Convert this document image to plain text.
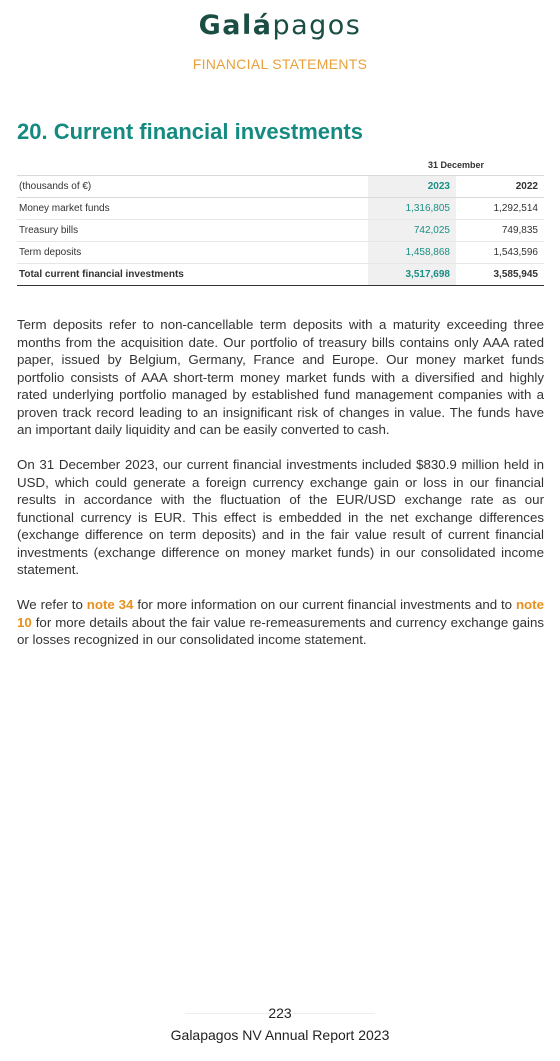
Galápagos
FINANCIAL STATEMENTS
20. Current financial investments
	31 December	
(thousands of €)	2023	2022
Money market funds	1,316,805	1,292,514
Treasury bills	742,025	749,835
Term deposits	1,458,868	1,543,596
Total current financial investments	3,517,698	3,585,945

Term deposits refer to non-cancellable term deposits with a maturity exceeding three months from the acquisition date. Our portfolio of treasury bills contains only AAA rated paper, issued by Belgium, Germany, France and Europe. Our money market funds portfolio consists of AAA short-term money market funds with a diversified and highly rated underlying portfolio managed by established fund management companies with a proven track record leading to an insignificant risk of changes in value. The funds have an important daily liquidity and can be easily converted to cash.

On 31 December 2023, our current financial investments included $830.9 million held in USD, which could generate a foreign currency exchange gain or loss in our financial results in accordance with the fluctuation of the EUR/USD exchange rate as our functional currency is EUR. This effect is embedded in the net exchange differences (exchange difference on term deposits) and in the fair value result of current financial investments (exchange difference on money market funds) in our consolidated income statement.

We refer to note 34 for more information on our current financial investments and to note 10 for more details about the fair value re-remeasurements and currency exchange gains or losses recognized in our consolidated income statement.

223
Galapagos NV Annual Report 2023
